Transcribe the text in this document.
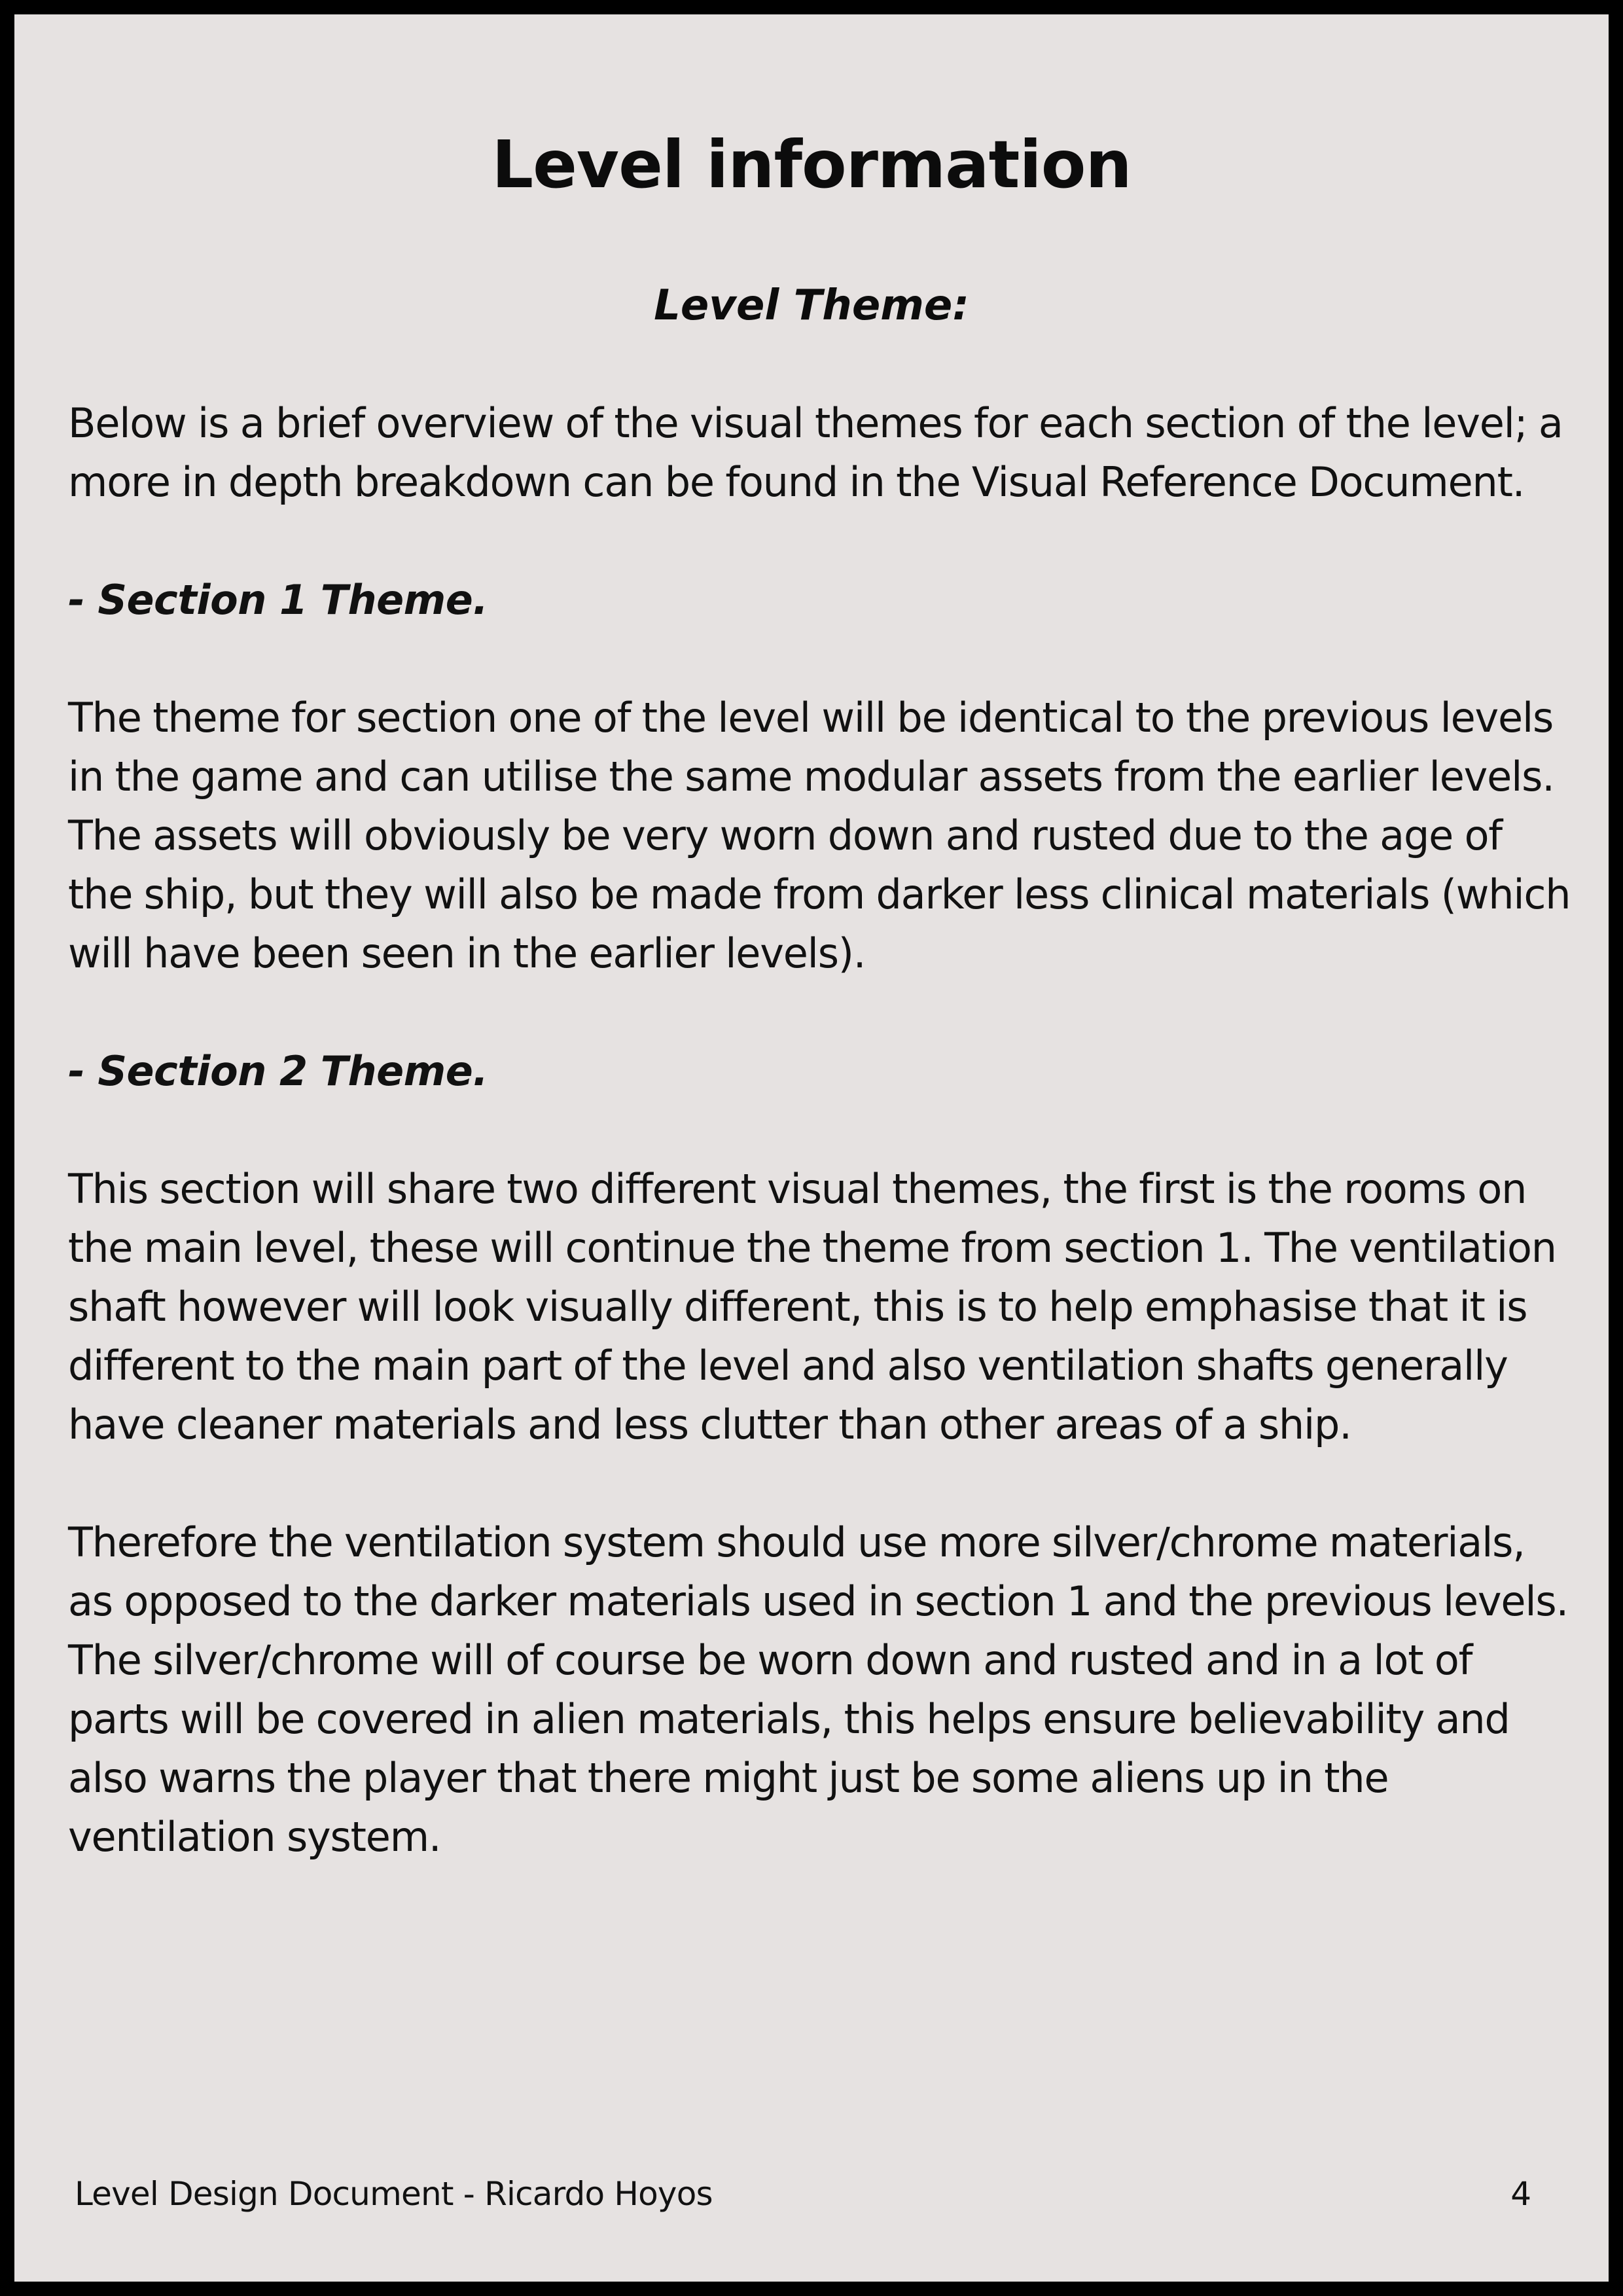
Level information
Level Theme:

Below is a brief overview of the visual themes for each section of the level; a more in depth breakdown can be found in the Visual Reference Document.

- Section 1 Theme.

The theme for section one of the level will be identical to the previous levels in the game and can utilise the same modular assets from the earlier levels. The assets will obviously be very worn down and rusted due to the age of the ship, but they will also be made from darker less clinical materials (which will have been seen in the earlier levels).

- Section 2 Theme.

This section will share two different visual themes, the first is the rooms on the main level, these will continue the theme from section 1. The ventilation shaft however will look visually different, this is to help emphasise that it is different to the main part of the level and also ventilation shafts generally have cleaner materials and less clutter than other areas of a ship.

Therefore the ventilation system should use more silver/chrome materials, as opposed to the darker materials used in section 1 and the previous levels. The silver/chrome will of course be worn down and rusted and in a lot of parts will be covered in alien materials, this helps ensure believability and also warns the player that there might just be some aliens up in the ventilation system.

Level Design Document - Ricardo Hoyos	4
